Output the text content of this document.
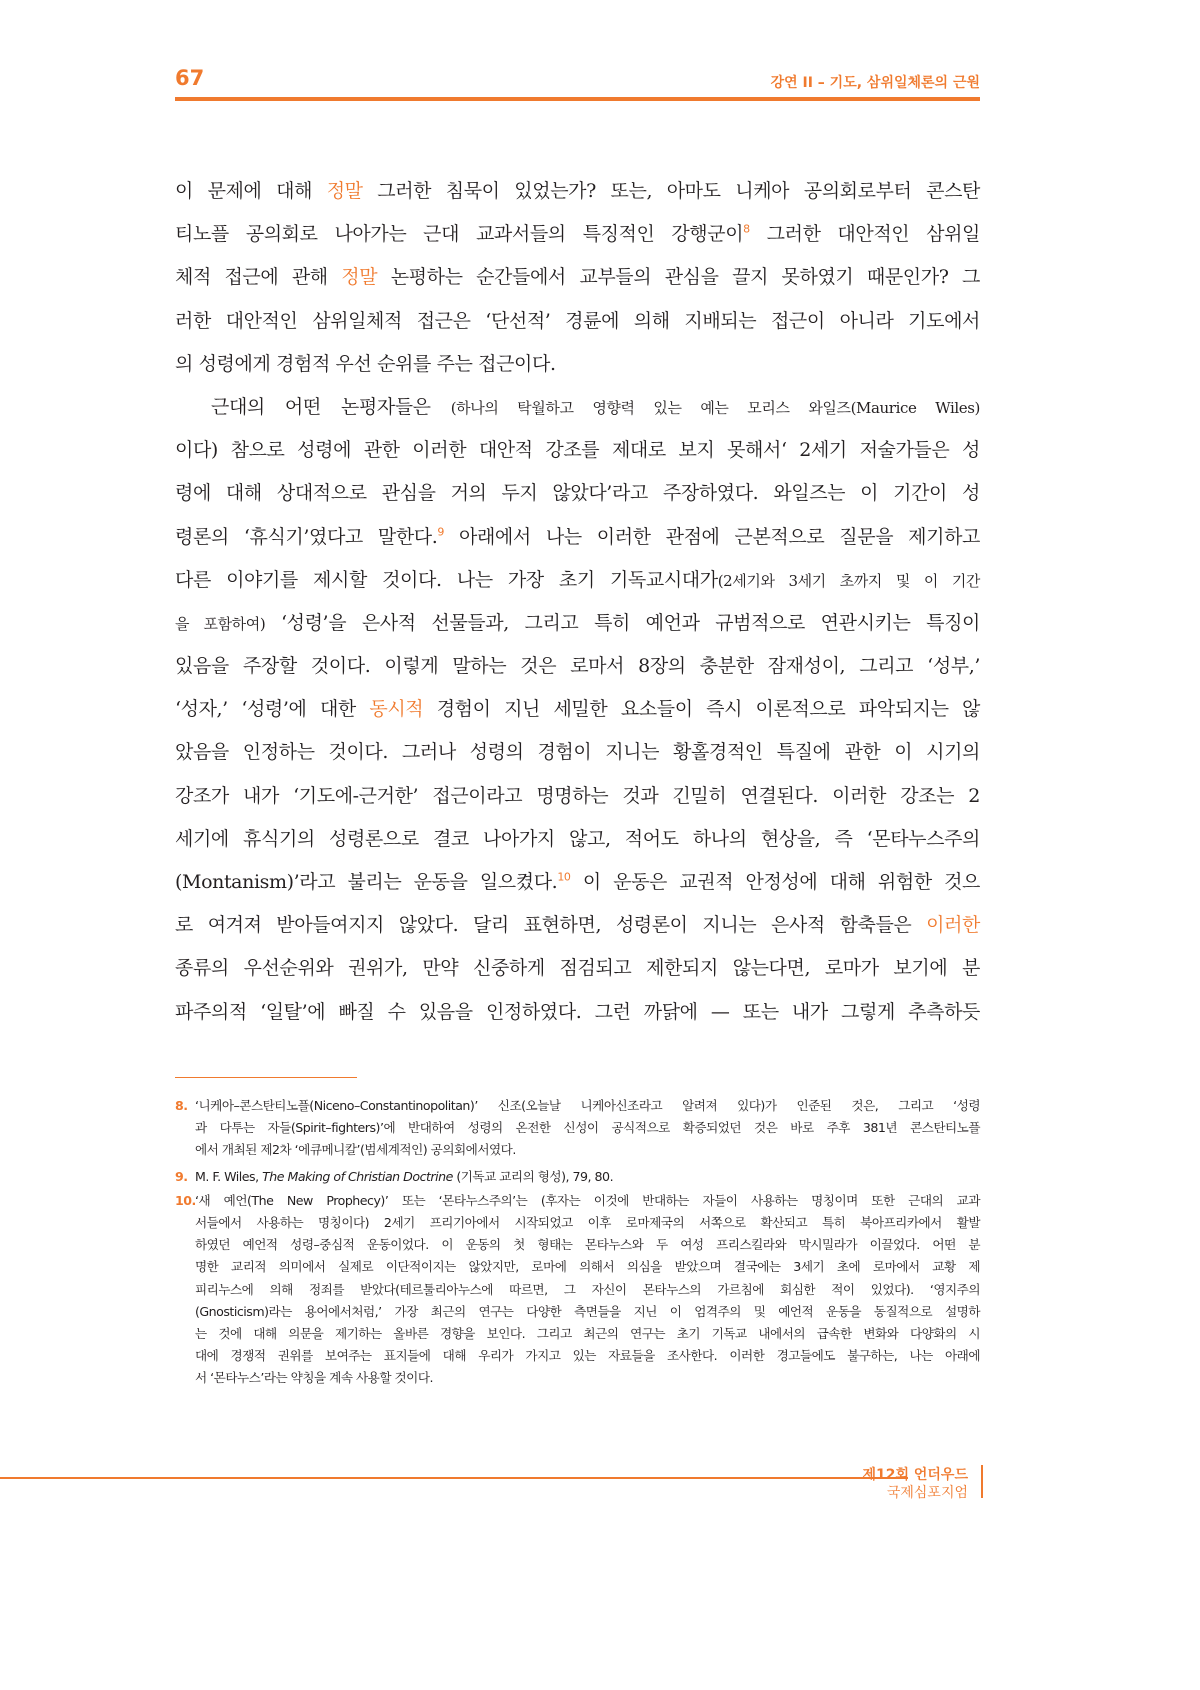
67	강연 II – 기도, 삼위일체론의 근원
이 문제에 대해 정말 그러한 침묵이 있었는가? 또는, 아마도 니케아 공의회로부터 콘스탄
티노플 공의회로 나아가는 근대 교과서들의 특징적인 강행군이$^8$ 그러한 대안적인 삼위일
체적 접근에 관해 정말 논평하는 순간들에서 교부들의 관심을 끌지 못하였기 때문인가? 그
러한 대안적인 삼위일체적 접근은 ‘단선적’ 경륜에 의해 지배되는 접근이 아니라 기도에서
의 성령에게 경험적 우선 순위를 주는 접근이다.
근대의 어떤 논평자들은 (하나의 탁월하고 영향력 있는 예는 모리스 와일즈(Maurice Wiles)
이다) 참으로 성령에 관한 이러한 대안적 강조를 제대로 보지 못해서‘ 2세기 저술가들은 성
령에 대해 상대적으로 관심을 거의 두지 않았다’라고 주장하였다. 와일즈는 이 기간이 성
령론의 ‘휴식기’였다고 말한다.$^9$ 아래에서 나는 이러한 관점에 근본적으로 질문을 제기하고
다른 이야기를 제시할 것이다. 나는 가장 초기 기독교시대가(2세기와 3세기 초까지 및 이 기간
을 포함하여) ‘성령’을 은사적 선물들과, 그리고 특히 예언과 규범적으로 연관시키는 특징이
있음을 주장할 것이다. 이렇게 말하는 것은 로마서 8장의 충분한 잠재성이, 그리고 ‘성부,’
‘성자,’ ‘성령’에 대한 동시적 경험이 지닌 세밀한 요소들이 즉시 이론적으로 파악되지는 않
았음을 인정하는 것이다. 그러나 성령의 경험이 지니는 황홀경적인 특질에 관한 이 시기의
강조가 내가 ‘기도에-근거한’ 접근이라고 명명하는 것과 긴밀히 연결된다. 이러한 강조는 2
세기에 휴식기의 성령론으로 결코 나아가지 않고, 적어도 하나의 현상을, 즉 ‘몬타누스주의
(Montanism)’라고 불리는 운동을 일으켰다.$^{10}$ 이 운동은 교권적 안정성에 대해 위험한 것으
로 여겨져 받아들여지지 않았다. 달리 표현하면, 성령론이 지니는 은사적 함축들은 이러한
종류의 우선순위와 권위가, 만약 신중하게 점검되고 제한되지 않는다면, 로마가 보기에 분
파주의적 ‘일탈’에 빠질 수 있음을 인정하였다. 그런 까닭에 — 또는 내가 그렇게 추측하듯
8. ‘니케아–콘스탄티노플(Niceno–Constantinopolitan)’ 신조(오늘날 니케아신조라고 알려져 있다)가 인준된 것은, 그리고 ‘성령
과 다투는 자들(Spirit–fighters)’에 반대하여 성령의 온전한 신성이 공식적으로 확증되었던 것은 바로 주후 381년 콘스탄티노플
에서 개최된 제2차 ‘에큐메니칼’(범세계적인) 공의회에서였다.
9. M. F. Wiles, The Making of Christian Doctrine (기독교 교리의 형성), 79, 80.
10. ‘새 예언(The New Prophecy)’ 또는 ‘몬타누스주의’는 (후자는 이것에 반대하는 자들이 사용하는 명칭이며 또한 근대의 교과
서들에서 사용하는 명칭이다) 2세기 프리기아에서 시작되었고 이후 로마제국의 서쪽으로 확산되고 특히 북아프리카에서 활발
하였던 예언적 성령–중심적 운동이었다. 이 운동의 첫 형태는 몬타누스와 두 여성 프리스킬라와 막시밀라가 이끌었다. 어떤 분
명한 교리적 의미에서 실제로 이단적이지는 않았지만, 로마에 의해서 의심을 받았으며 결국에는 3세기 초에 로마에서 교황 제
피리누스에 의해 정죄를 받았다(테르툴리아누스에 따르면, 그 자신이 몬타누스의 가르침에 회심한 적이 있었다). ‘영지주의
(Gnosticism)라는 용어에서처럼,’ 가장 최근의 연구는 다양한 측면들을 지닌 이 엄격주의 및 예언적 운동을 동질적으로 설명하
는 것에 대해 의문을 제기하는 올바른 경향을 보인다. 그리고 최근의 연구는 초기 기독교 내에서의 급속한 변화와 다양화의 시
대에 경쟁적 권위를 보여주는 표지들에 대해 우리가 가지고 있는 자료들을 조사한다. 이러한 경고들에도 불구하는, 나는 아래에
서 ‘몬타누스’라는 약칭을 계속 사용할 것이다.
제12회 언더우드
국제심포지엄
